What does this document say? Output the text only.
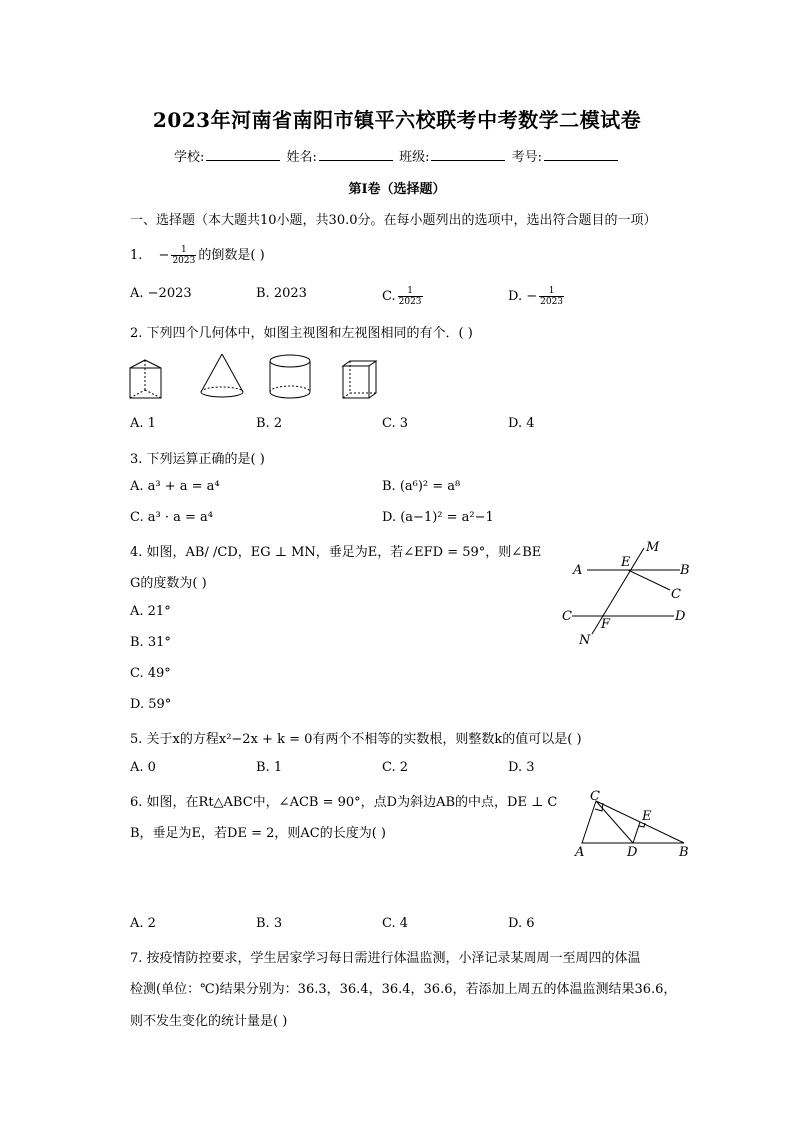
2023年河南省南阳市镇平六校联考中考数学二模试卷
学校:	姓名:	班级:	考号:
第I卷（选择题）
一、选择题（本大题共10小题，共30.0分。在每小题列出的选项中，选出符合题目的一项）
1. − $\frac{1}{2023}$ 的倒数是( )
A. −2023	B. 2023	C. $\frac{1}{2023}$	D. − $\frac{1}{2023}$
2. 下列四个几何体中，如图主视图和左视图相同的有个．( )
A. 1	B. 2	C. 3	D. 4
3. 下列运算正确的是( )
A. a³ + a = a⁴	B. (a⁶)² = a⁸
C. a³ · a = a⁴	D. (a−1)² = a²−1
4. 如图，AB/ /CD，EG ⊥ MN，垂足为E，若∠EFD = 59°，则∠BE
G的度数为( )
A. 21°
B. 31°
C. 49°
D. 59°
M
A
E
B
C
C
F
D
N
5. 关于x的方程x²−2x + k = 0有两个不相等的实数根，则整数k的值可以是( )
A. 0	B. 1	C. 2	D. 3
6. 如图，在Rt△ABC中，∠ACB = 90°，点D为斜边AB的中点，DE ⊥ C
B，垂足为E，若DE = 2，则AC的长度为( )
C
E
A	D	B
A. 2	B. 3	C. 4	D. 6
7. 按疫情防控要求，学生居家学习每日需进行体温监测，小泽记录某周周一至周四的体温
检测(单位：℃)结果分别为：36.3，36.4，36.4，36.6，若添加上周五的体温监测结果36.6，
则不发生变化的统计量是( )
